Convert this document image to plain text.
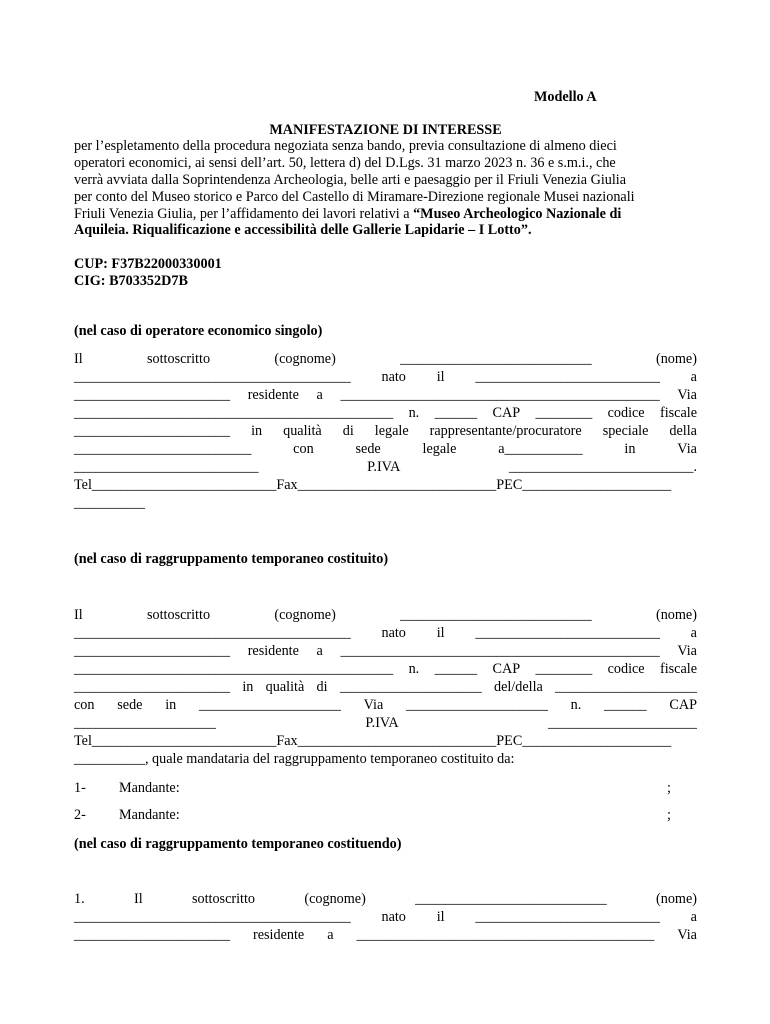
Modello A
MANIFESTAZIONE DI INTERESSE
per l’espletamento della procedura negoziata senza bando, previa consultazione di almeno dieci
operatori economici, ai sensi dell’art. 50, lettera d) del D.Lgs. 31 marzo 2023 n. 36 e s.m.i., che
verrà avviata dalla Soprintendenza Archeologia, belle arti e paesaggio per il Friuli Venezia Giulia
per conto del Museo storico e Parco del Castello di Miramare-Direzione regionale Musei nazionali
Friuli Venezia Giulia, per l’affidamento dei lavori relativi a “Museo Archeologico Nazionale di
Aquileia. Riqualificazione e accessibilità delle Gallerie Lapidarie – I Lotto”.
CUP: F37B22000330001
CIG: B703352D7B
(nel caso di operatore economico singolo)
Il	sottoscritto	(cognome)	___________________________	(nome)
_______________________________________ nato il __________________________ a
______________________ residente a _____________________________________________ Via
_____________________________________________ n. ______ CAP ________ codice fiscale
______________________ in qualità di legale rappresentante/procuratore speciale della
_________________________	con	sede	legale	a___________	in	Via
__________________________	P.IVA	__________________________.
Tel__________________________Fax____________________________PEC_____________________
__________
(nel caso di raggruppamento temporaneo costituito)
Il	sottoscritto	(cognome)	___________________________	(nome)
_______________________________________ nato il __________________________ a
______________________ residente a _____________________________________________ Via
_____________________________________________ n. ______ CAP ________ codice fiscale
______________________ in qualità di ____________________ del/della ____________________
con sede in ____________________ Via ____________________ n. ______ CAP
____________________	P.IVA	_____________________
Tel__________________________Fax____________________________PEC_____________________
__________, quale mandataria del raggruppamento temporaneo costituito da:
1- Mandante:	;
2- Mandante:	;
(nel caso di raggruppamento temporaneo costituendo)
1.	Il	sottoscritto	(cognome)	___________________________	(nome)
_______________________________________ nato il __________________________ a
______________________ residente a __________________________________________ Via
